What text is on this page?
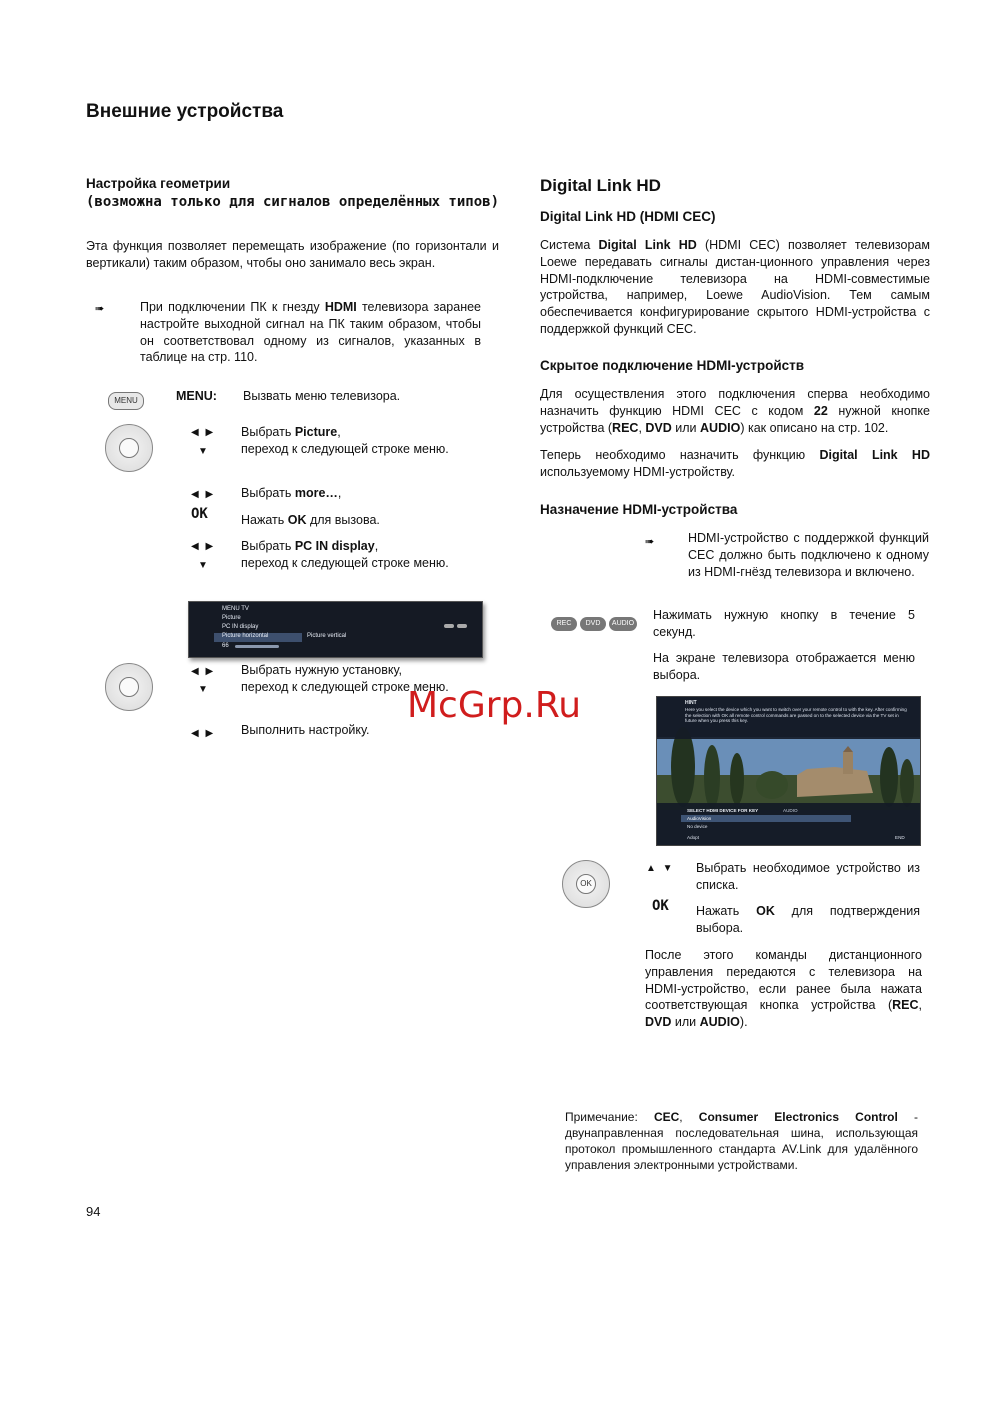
Внешние устройства
Настройка геометрии
(возможна только для сигналов определённых типов)
Эта функция позволяет перемещать изображение (по горизонтали и вертикали) таким образом, чтобы оно занимало весь экран.
➠	При подключении ПК к гнезду HDMI телевизора заранее настройте выходной сигнал на ПК таким образом, чтобы он соответствовал одному из сигналов, указанных в таблице на стр. 110.
MENU	MENU: Вызвать меню телевизора.
◀ ▶ Выбрать Picture,
▼ переход к следующей строке меню.
◀ ▶ Выбрать more…,
OK	Нажать OK для вызова.
◀ ▶ Выбрать PC IN display,
▼ переход к следующей строке меню.
MENU TV
Picture
PC IN display
Picture horizontal	Picture vertical
66
◀ ▶ Выбрать нужную установку,
▼ переход к следующей строке меню.
◀ ▶ Выполнить настройку.
Digital Link HD
Digital Link HD (HDMI CEC)
Система Digital Link HD (HDMI CEC) позволяет телевизорам Loewe передавать сигналы дистан-ционного управления через HDMI-подключение телевизора на HDMI-совместимые устройства, например, Loewe AudioVision. Тем самым обеспечивается конфигурирование скрытого HDMI-устройства с поддержкой функций CEC.
Скрытое подключение HDMI-устройств
Для осуществления этого подключения сперва необходимо назначить функцию HDMI CEC с кодом 22 нужной кнопке устройства (REC, DVD или AUDIO) как описано на стр. 102.
Теперь необходимо назначить функцию Digital Link HD используемому HDMI-устройству.
Назначение HDMI-устройства
➠	HDMI-устройство с поддержкой функций CEC должно быть подключено к одному из HDMI-гнёзд телевизора и включено.
REC DVD AUDIO
Нажимать нужную кнопку в течение 5 секунд.
На экране телевизора отображается меню выбора.
HINT
Here you select the device which you want to switch over your remote control to with the key. After confirming the selection with OK all remote control commands are passed on to the selected device via the TV set in future when you press this key.
SELECT HDMI DEVICE FOR KEY	AUDIO
AudioVision
No device
Adopt	END
OK
▲ ▼ Выбрать необходимое устройство из списка.
OK Нажать OK для подтверждения выбора.
После этого команды дистанционного управления передаются с телевизора на HDMI-устройство, если ранее была нажата соответствующая кнопка устройства (REC, DVD или AUDIO).
Примечание: CEC, Consumer Electronics Control - двунаправленная последовательная шина, использующая протокол промышленного стандарта AV.Link для удалённого управления электронными устройствами.
94
McGrp.Ru
